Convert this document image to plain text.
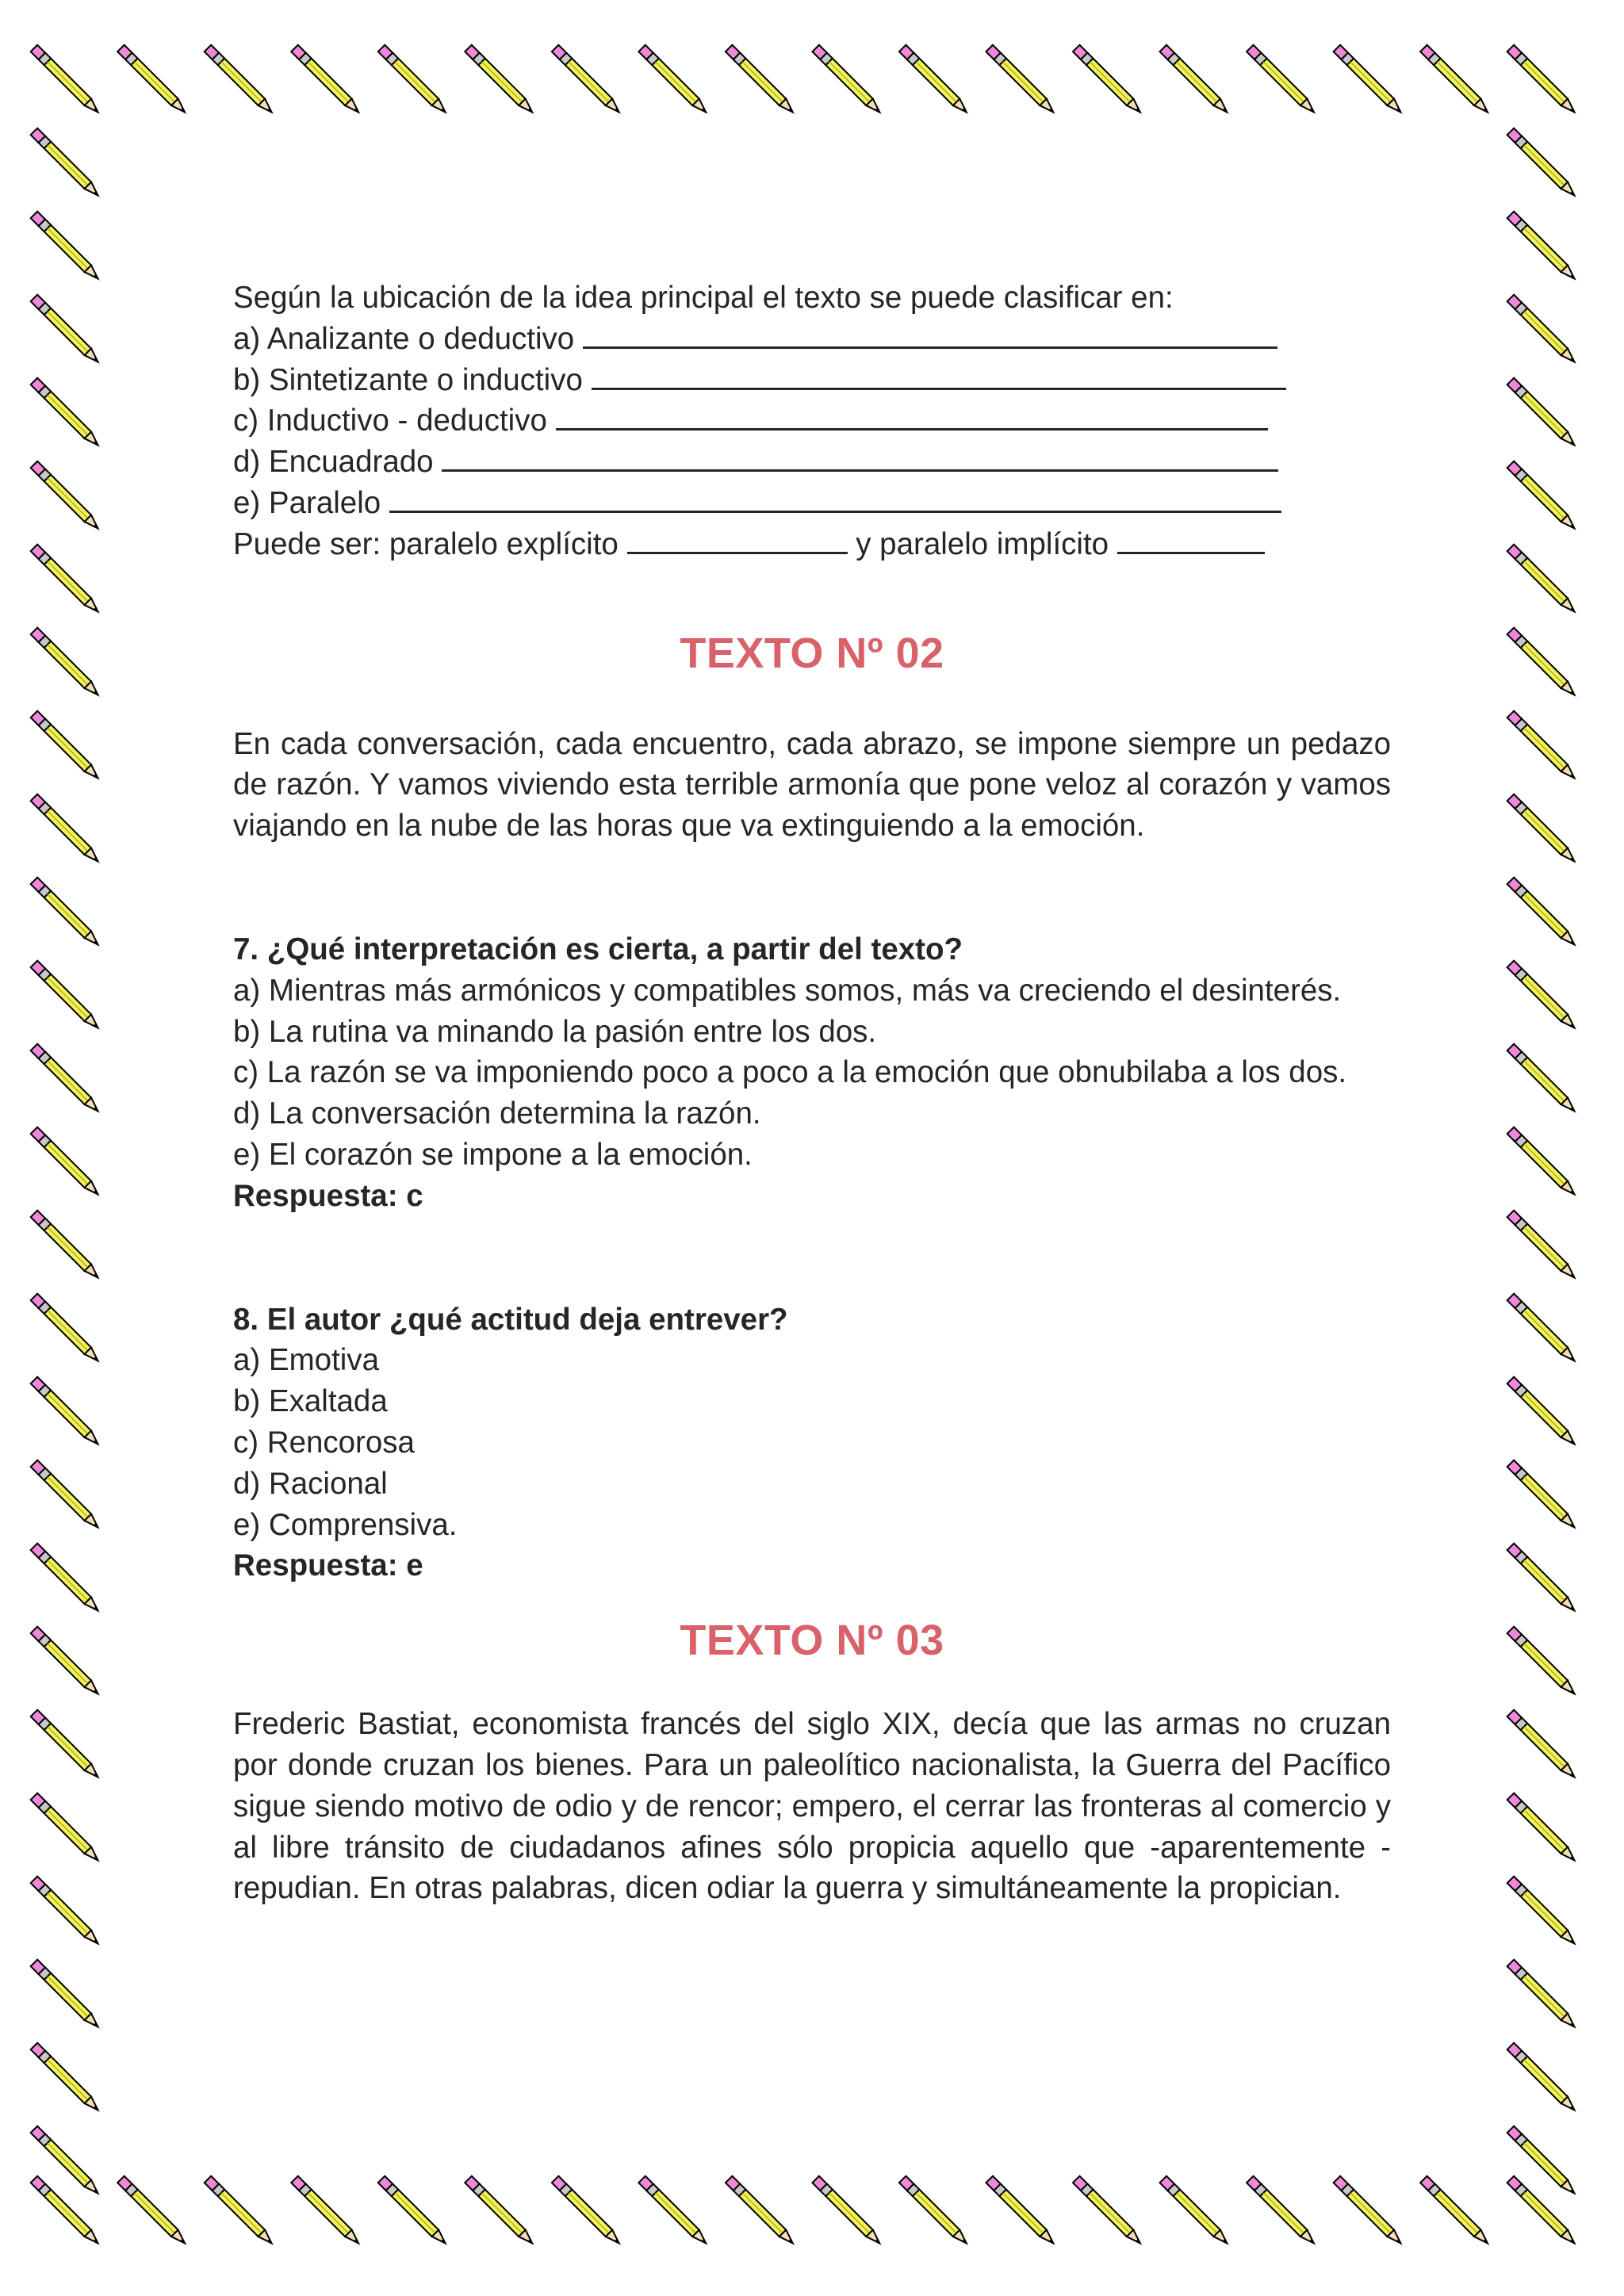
Según la ubicación de la idea principal el texto se puede clasificar en:
a) Analizante o deductivo
b) Sintetizante o inductivo
c) Inductivo - deductivo
d) Encuadrado
e) Paralelo
Puede ser: paralelo explícito	y paralelo implícito
TEXTO Nº 02
En cada conversación, cada encuentro, cada abrazo, se impone siempre un pedazo de razón. Y vamos viviendo esta terrible armonía que pone veloz al corazón y vamos viajando en la nube de las horas que va extinguiendo a la emoción.
7. ¿Qué interpretación es cierta, a partir del texto?
a) Mientras más armónicos y compatibles somos, más va creciendo el desinterés.
b) La rutina va minando la pasión entre los dos.
c) La razón se va imponiendo poco a poco a la emoción que obnubilaba a los dos.
d) La conversación determina la razón.
e) El corazón se impone a la emoción.
Respuesta: c
8. El autor ¿qué actitud deja entrever?
a) Emotiva
b) Exaltada
c) Rencorosa
d) Racional
e) Comprensiva.
Respuesta: e
TEXTO Nº 03
Frederic Bastiat, economista francés del siglo XIX, decía que las armas no cruzan por donde cruzan los bienes. Para un paleolítico nacionalista, la Guerra del Pacífico sigue siendo motivo de odio y de rencor; empero, el cerrar las fronteras al comercio y al libre tránsito de ciudadanos afines sólo propicia aquello que -aparentemente - repudian. En otras palabras, dicen odiar la guerra y simultáneamente la propician.
